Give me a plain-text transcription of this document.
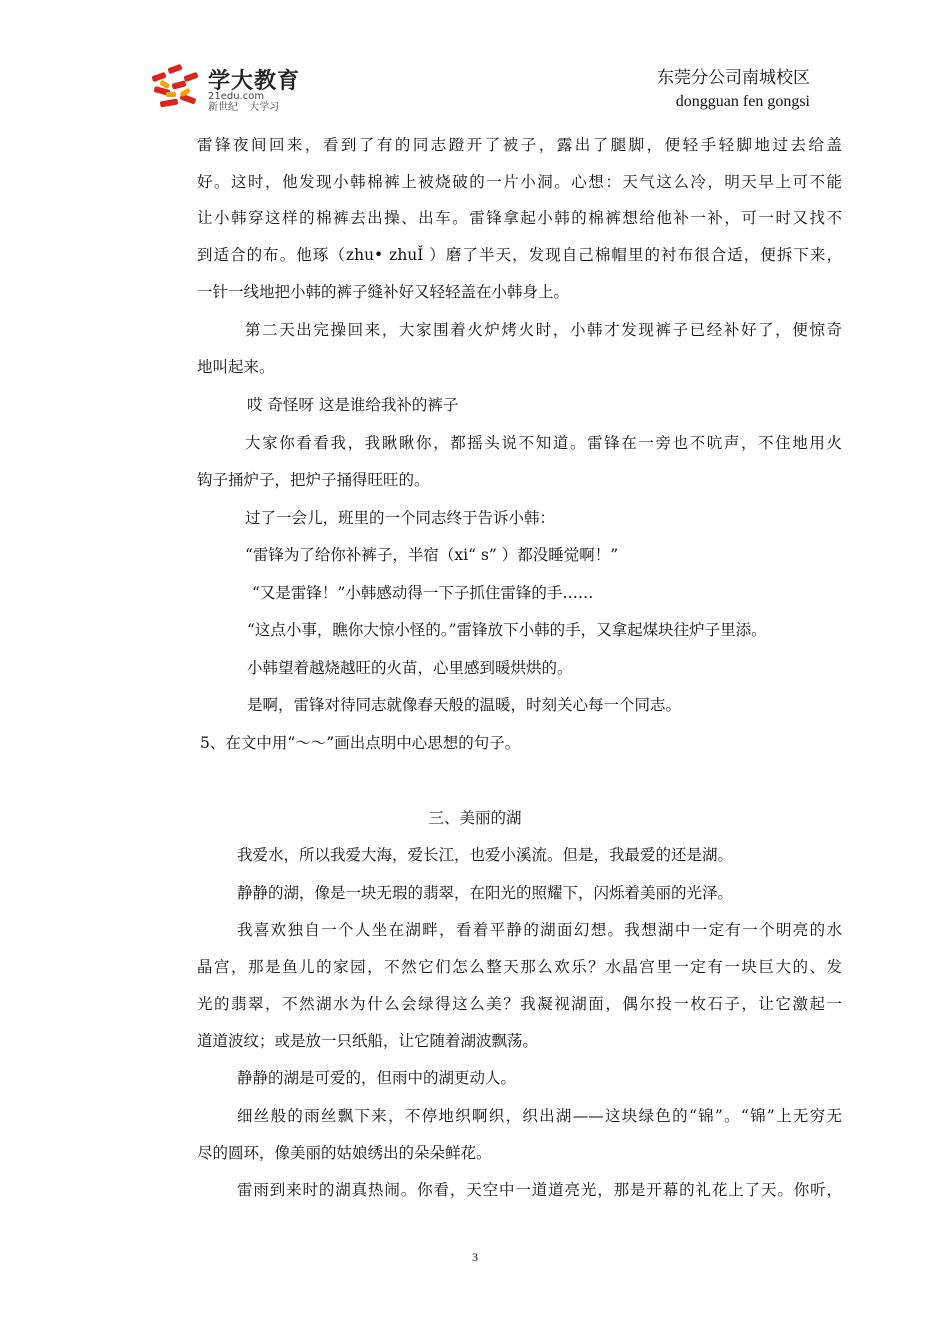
学大教育
21edu.com
新世纪 大学习
东莞分公司南城校区
dongguan fen gongsi
雷锋夜间回来，看到了有的同志蹬开了被子，露出了腿脚，便轻手轻脚地过去给盖
好。这时，他发现小韩棉裤上被烧破的一片小洞。心想：天气这么冷，明天早上可不能
让小韩穿这样的棉裤去出操、出车。雷锋拿起小韩的棉裤想给他补一补，可一时又找不
到适合的布。他琢（zhu• zhuǏ ）磨了半天，发现自己棉帽里的衬布很合适，便拆下来，
一针一线地把小韩的裤子缝补好又轻轻盖在小韩身上。
第二天出完操回来，大家围着火炉烤火时，小韩才发现裤子已经补好了，便惊奇
地叫起来。
哎 奇怪呀 这是谁给我补的裤子
大家你看看我，我瞅瞅你，都摇头说不知道。雷锋在一旁也不吭声，不住地用火
钩子捅炉子，把炉子捅得旺旺的。
过了一会儿，班里的一个同志终于告诉小韩：
“雷锋为了给你补裤子，半宿（xi“ s” ）都没睡觉啊！”
“又是雷锋！”小韩感动得一下子抓住雷锋的手……
“这点小事，瞧你大惊小怪的。”雷锋放下小韩的手，又拿起煤块往炉子里添。
小韩望着越烧越旺的火苗，心里感到暖烘烘的。
是啊，雷锋对待同志就像春天般的温暖，时刻关心每一个同志。
5、在文中用“～～”画出点明中心思想的句子。
三、美丽的湖
我爱水，所以我爱大海，爱长江，也爱小溪流。但是，我最爱的还是湖。
静静的湖，像是一块无瑕的翡翠，在阳光的照耀下，闪烁着美丽的光泽。
我喜欢独自一个人坐在湖畔，看着平静的湖面幻想。我想湖中一定有一个明亮的水
晶宫，那是鱼儿的家园，不然它们怎么整天那么欢乐？水晶宫里一定有一块巨大的、发
光的翡翠，不然湖水为什么会绿得这么美？我凝视湖面，偶尔投一枚石子，让它激起一
道道波纹；或是放一只纸船，让它随着湖波飘荡。
静静的湖是可爱的，但雨中的湖更动人。
细丝般的雨丝飘下来，不停地织啊织，织出湖——这块绿色的“锦”。“锦”上无穷无
尽的圆环，像美丽的姑娘绣出的朵朵鲜花。
雷雨到来时的湖真热闹。你看，天空中一道道亮光，那是开幕的礼花上了天。你听，
3
